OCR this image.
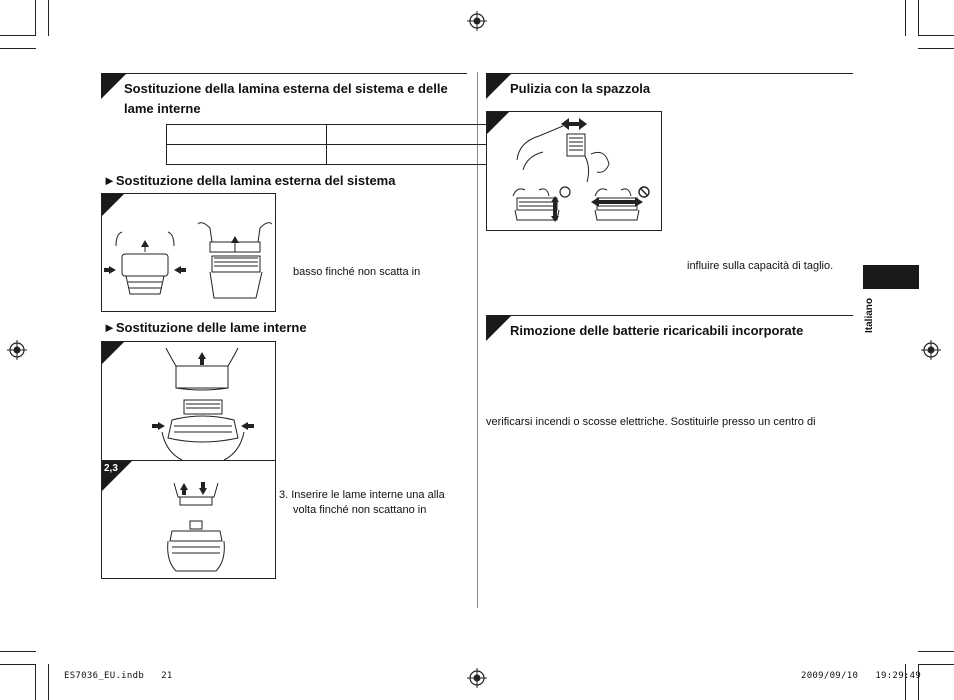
Sostituzione della lamina esterna del sistema e delle lame interne

►Sostituzione della lamina esterna del sistema
basso finché non scatta in
►Sostituzione delle lame interne
2,3
3. Inserire le lame interne una alla
volta finché non scattano in
Pulizia con la spazzola
influire sulla capacità di taglio.
Rimozione delle batterie ricaricabili incorporate
verificarsi incendi o scosse elettriche. Sostituirle presso un centro di
Italiano
ES7036_EU.indb   21	2009/09/10   19:29:49
